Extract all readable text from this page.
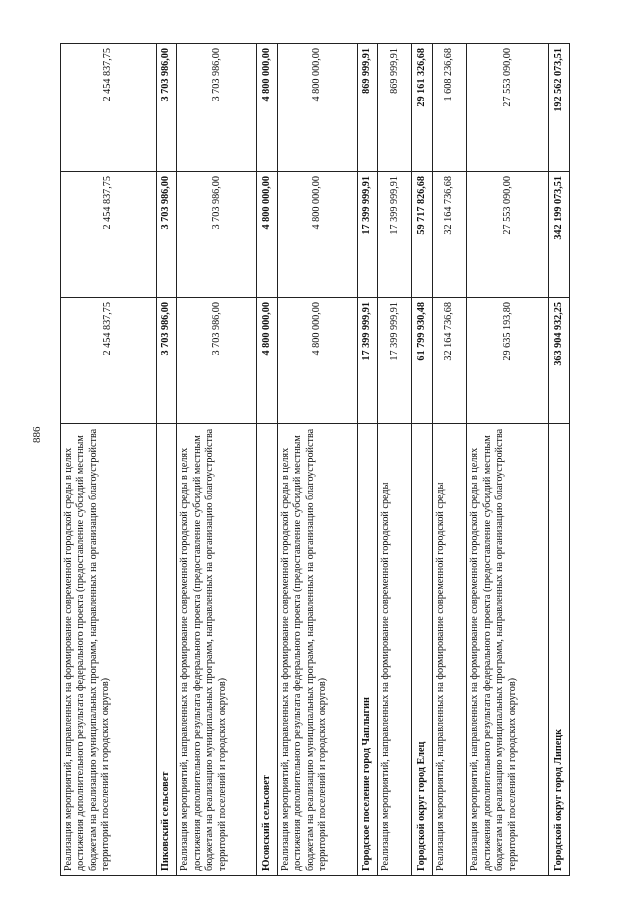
886
Реализация мероприятий, направленных на формирование современной городской среды в целях достижения дополнительного результата федерального проекта (предоставление субсидий местным бюджетам на реализацию муниципальных программ, направленных на организацию благоустройства территорий поселений и городских округов)	2 454 837,75	2 454 837,75	2 454 837,75
Пиковский сельсовет	3 703 986,00	3 703 986,00	3 703 986,00
Реализация мероприятий, направленных на формирование современной городской среды в целях достижения дополнительного результата федерального проекта (предоставление субсидий местным бюджетам на реализацию муниципальных программ, направленных на организацию благоустройства территорий поселений и городских округов)	3 703 986,00	3 703 986,00	3 703 986,00
Юсовский сельсовет	4 800 000,00	4 800 000,00	4 800 000,00
Реализация мероприятий, направленных на формирование современной городской среды в целях достижения дополнительного результата федерального проекта (предоставление субсидий местным бюджетам на реализацию муниципальных программ, направленных на организацию благоустройства территорий поселений и городских округов)	4 800 000,00	4 800 000,00	4 800 000,00
Городское поселение город Чаплыгин	17 399 999,91	17 399 999,91	869 999,91
Реализация мероприятий, направленных на формирование современной городской среды	17 399 999,91	17 399 999,91	869 999,91
Городской округ город Елец	61 799 930,48	59 717 826,68	29 161 326,68
Реализация мероприятий, направленных на формирование современной городской среды	32 164 736,68	32 164 736,68	1 608 236,68
Реализация мероприятий, направленных на формирование современной городской среды в целях достижения дополнительного результата федерального проекта (предоставление субсидий местным бюджетам на реализацию муниципальных программ, направленных на организацию благоустройства территорий поселений и городских округов)	29 635 193,80	27 553 090,00	27 553 090,00
Городской округ город Липецк	363 904 932,25	342 199 073,51	192 562 073,51
